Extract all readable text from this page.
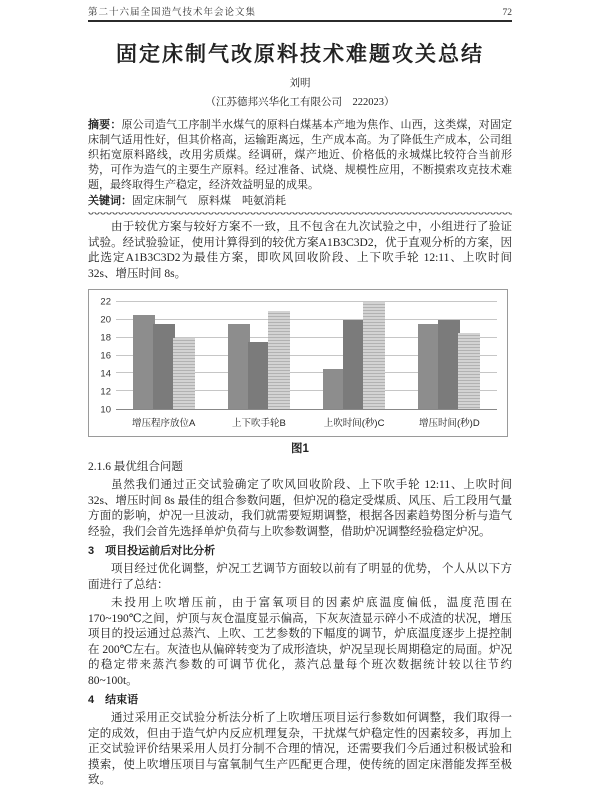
第二十六届全国造气技术年会论文集	72
固定床制气改原料技术难题攻关总结
刘明
（江苏德邦兴华化工有限公司　222023）

摘要：原公司造气工序制半水煤气的原料白煤基本产地为焦作、山西，这类煤，对固定床制气适用性好，但其价格高，运输距离远，生产成本高。为了降低生产成本，公司组织拓宽原料路线，改用劣质煤。经调研，煤产地近、价格低的永城煤比较符合当前形势，可作为造气的主要生产原料。经过准备、试烧、规模性应用，不断摸索攻克技术难题，最终取得生产稳定，经济效益明显的成果。

关键词：固定床制气　原料煤　吨氨消耗

由于较优方案与较好方案不一致，且不包含在九次试验之中，小组进行了验证试验。经试验验证，使用计算得到的较优方案A1B3C3D2，优于直观分析的方案，因此选定A1B3C3D2为最佳方案，即吹风回收阶段、上下吹手轮 12:11、上吹时间 32s、增压时间 8s。

10
12
14
16
18
20
22
增压程序放位A	上下吹手轮B	上吹时间(秒)C	增压时间(秒)D
图1
2.1.6 最优组合问题

虽然我们通过正交试验确定了吹风回收阶段、上下吹手轮 12:11、上吹时间 32s、增压时间 8s 最佳的组合参数问题，但炉况的稳定受煤质、风压、后工段用气量方面的影响，炉况一旦波动，我们就需要短期调整，根据各因素趋势图分析与造气经验，我们会首先选择单炉负荷与上吹参数调整，借助炉况调整经验稳定炉况。

3　项目投运前后对比分析

项目经过优化调整，炉况工艺调节方面较以前有了明显的优势， 个人从以下方面进行了总结：

未投用上吹增压前，由于富氧项目的因素炉底温度偏低，温度范围在 170~190℃之间，炉顶与灰仓温度显示偏高，下灰灰渣显示碎小不成渣的状况，增压项目的投运通过总蒸汽、上吹、工艺参数的下幅度的调节，炉底温度逐步上提控制在 200℃左右。灰渣也从偏碎转变为了成形渣块，炉况呈现长周期稳定的局面。炉况的稳定带来蒸汽参数的可调节优化，蒸汽总量每个班次数据统计较以往节约 80~100t。

4　结束语

通过采用正交试验分析法分析了上吹增压项目运行参数如何调整，我们取得一定的成效，但由于造气炉内反应机理复杂，干扰煤气炉稳定性的因素较多，再加上正交试验评价结果采用人员打分制不合理的情况，还需要我们今后通过积极试验和摸索，使上吹增压项目与富氧制气生产匹配更合理，使传统的固定床潜能发挥至极致。
